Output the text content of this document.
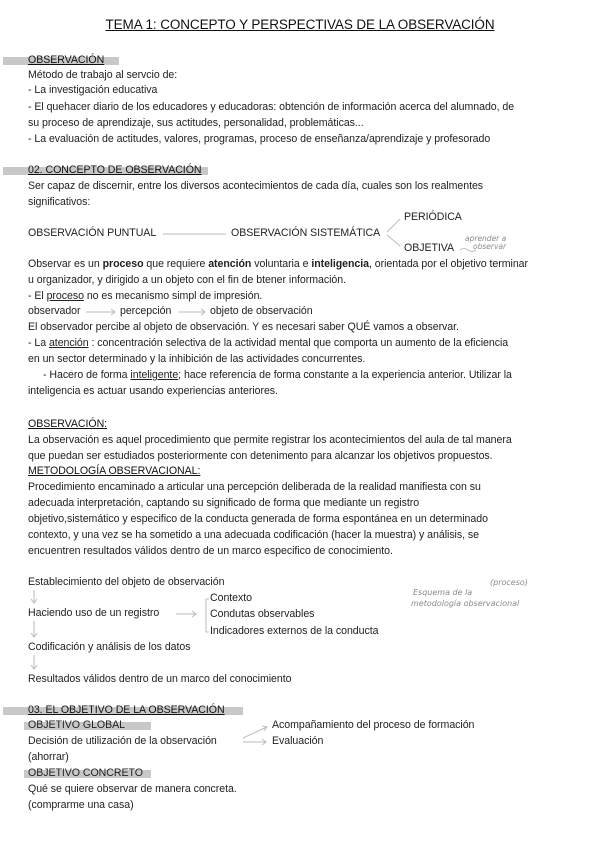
TEMA 1: CONCEPTO Y PERSPECTIVAS DE LA OBSERVACIÓN
OBSERVACIÓN
Método de trabajo al servcio de:
- La investigación educativa
- El quehacer diario de los educadores y educadoras: obtención de información acerca del alumnado, de
su proceso de aprendizaje, sus actitudes, personalidad, problemáticas...
- La evaluación de actitudes, valores, programas, proceso de enseñanza/aprendizaje y profesorado
02. CONCEPTO DE OBSERVACIÓN
Ser capaz de discernir, entre los diversos acontecimientos de cada día, cuales son los realmentes
significativos:
PERIÓDICA
OBSERVACIÓN PUNTUAL	OBSERVACIÓN SISTEMÁTICA
OBJETIVA
aprender a
observar
Observar es un proceso que requiere atención voluntaria e inteligencia, orientada por el objetivo terminar
u organizador, y dirigido a un objeto con el fin de btener información.
- El proceso no es mecanismo simpl de impresión.
observador	percepción	objeto de observación
El observador percibe al objeto de observación. Y es necesari saber QUÉ vamos a observar.
- La atención : concentración selectiva de la actividad mental que comporta un aumento de la eficiencia
en un sector determinado y la inhibición de las actividades concurrentes.
- Hacero de forma inteligente; hace referencia de forma constante a la experiencia anterior. Utilizar la
inteligencia es actuar usando experiencias anteriores.
OBSERVACIÓN:
La observación es aquel procedimiento que permite registrar los acontecimientos del aula de tal manera
que puedan ser estudiados posteriormente con detenimento para alcanzar los objetivos propuestos.
METODOLOGÍA OBSERVACIONAL:
Procedimiento encaminado a articular una percepción deliberada de la realidad manifiesta con su
adecuada interpretación, captando su significado de forma que mediante un registro
objetivo,sistemático y especifico de la conducta generada de forma espontánea en un determinado
contexto, y una vez se ha sometido a una adecuada codificación (hacer la muestra) y análisis, se
encuentren resultados válidos dentro de un marco especifico de conocimiento.
Establecimiento del objeto de observación
Haciendo uso de un registro
Contexto
Condutas observables
Indicadores externos de la conducta
Codificación y análisis de los datos
Resultados válidos dentro de un marco del conocimiento
(proceso)
Esquema de la
metodología observacional
03. EL OBJETIVO DE LA OBSERVACIÓN
OBJETIVO GLOBAL
Decisión de utilización de la observación
(ahorrar)
Acompañamiento del proceso de formación
Evaluación
OBJETIVO CONCRETO
Qué se quiere observar de manera concreta.
(comprarme una casa)
